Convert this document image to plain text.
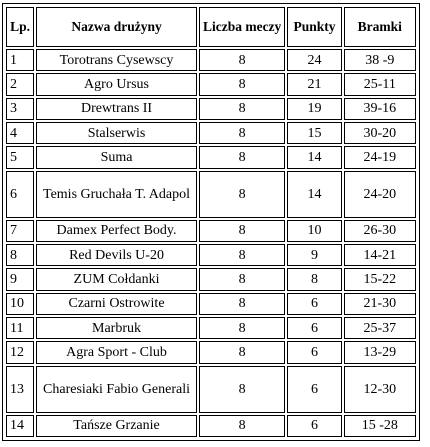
Lp.	Nazwa drużyny	Liczba meczy	Punkty	Bramki
1	Torotrans Cysewscy	8	24	38 -9
2	Agro Ursus	8	21	25-11
3	Drewtrans II	8	19	39-16
4	Stalserwis	8	15	30-20
5	Suma	8	14	24-19
6	Temis Gruchała T. Adapol	8	14	24-20
7	Damex Perfect Body.	8	10	26-30
8	Red Devils U-20	8	9	14-21
9	ZUM Cołdanki	8	8	15-22
10	Czarni Ostrowite	8	6	21-30
11	Marbruk	8	6	25-37
12	Agra Sport - Club	8	6	13-29
13	Charesiaki Fabio Generali	8	6	12-30
14	Tańsze Grzanie	8	6	15 -28
